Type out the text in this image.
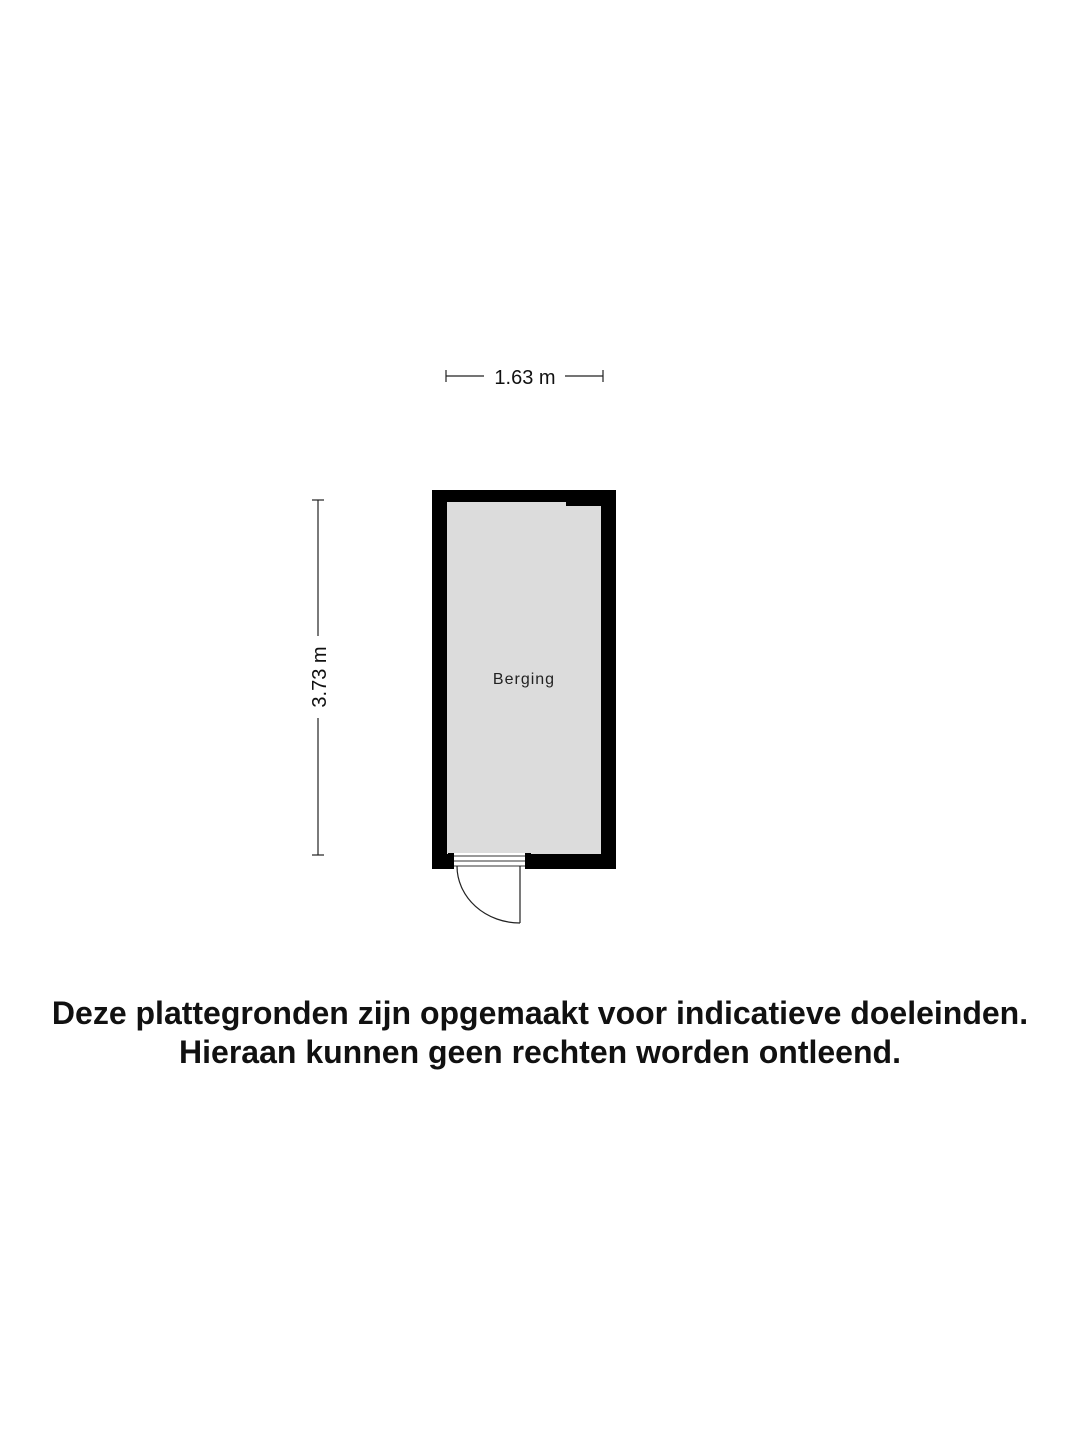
1.63 m
3.73 m	Berging
Deze plattegronden zijn opgemaakt voor indicatieve doeleinden.
Hieraan kunnen geen rechten worden ontleend.
